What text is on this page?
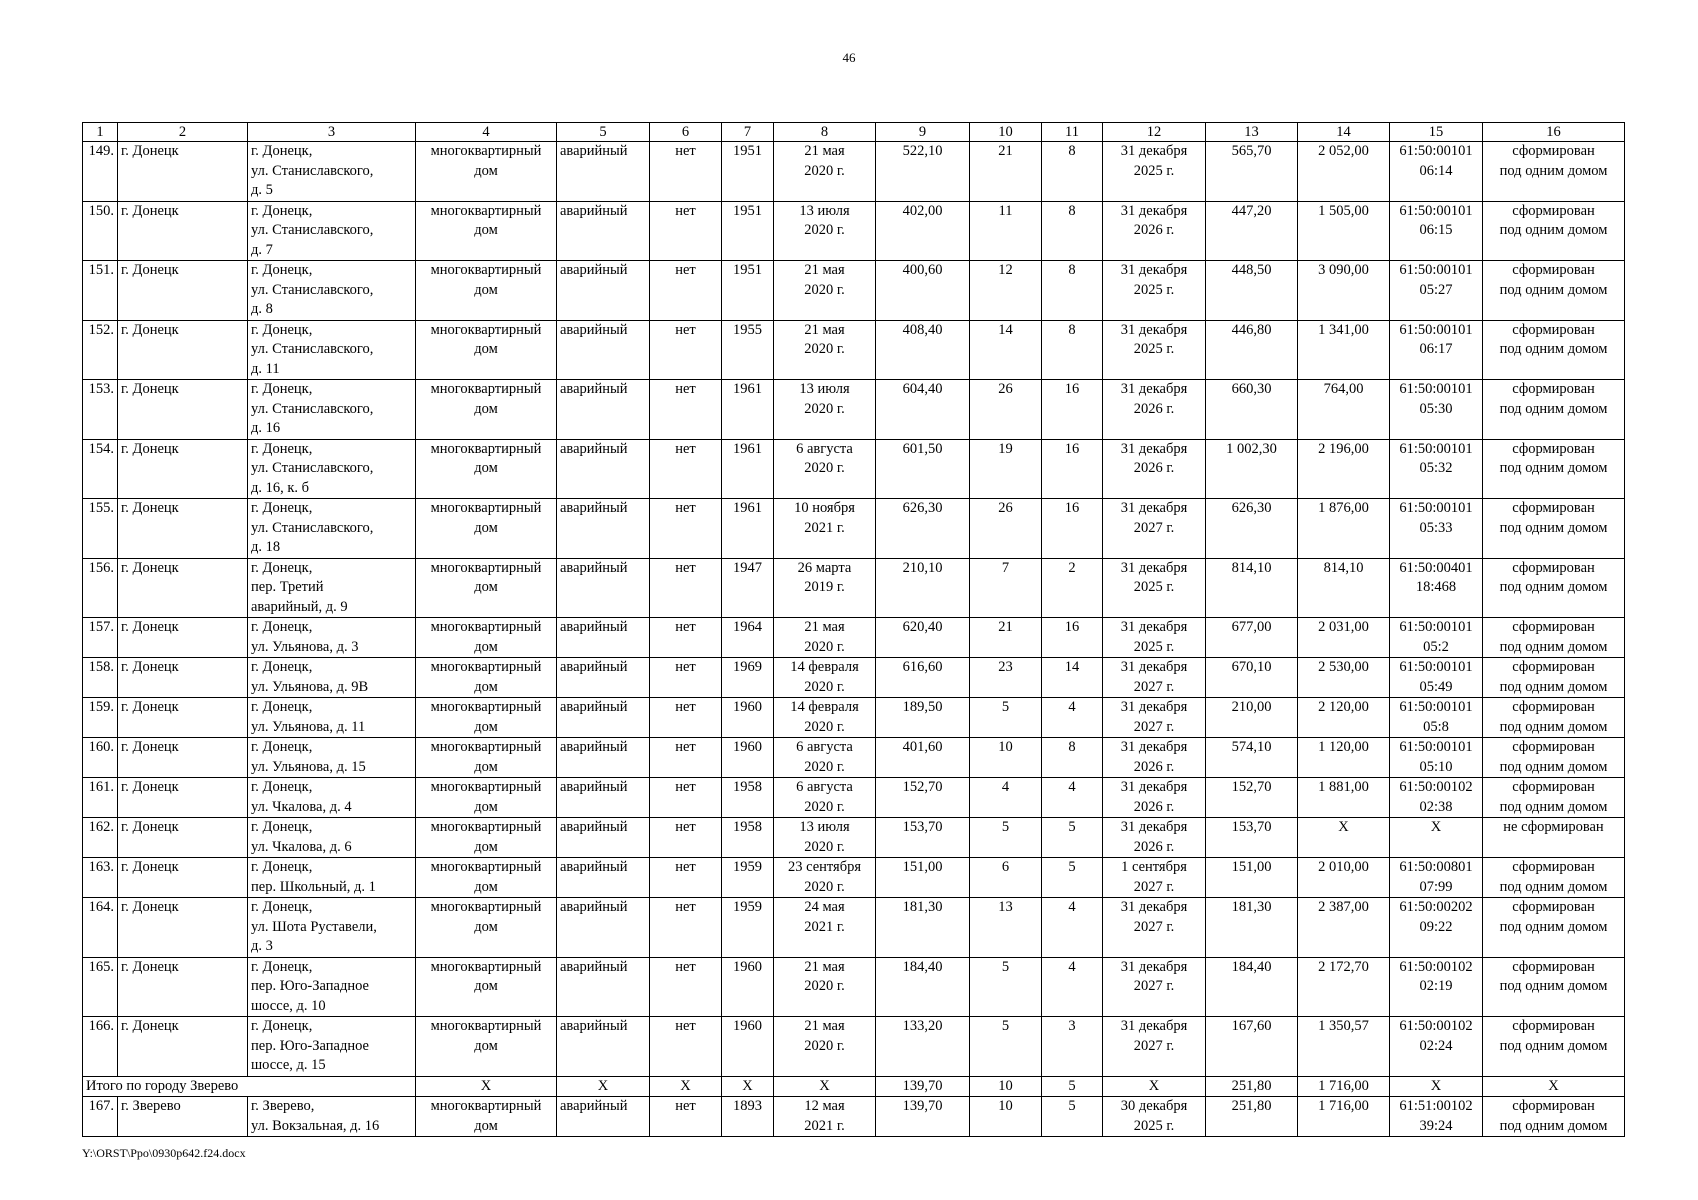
46
1	2	3	4	5	6	7	8	9	10	11	12	13	14	15	16
149.	г. Донецк	г. Донецк,
ул. Станиславского,
д. 5	многоквартирный
дом	аварийный	нет	1951	21 мая
2020 г.	522,10	21	8	31 декабря
2025 г.	565,70	2 052,00	61:50:00101
06:14	сформирован
под одним домом

150.	г. Донецк	г. Донецк,
ул. Станиславского,
д. 7	многоквартирный
дом	аварийный	нет	1951	13 июля
2020 г.	402,00	11	8	31 декабря
2026 г.	447,20	1 505,00	61:50:00101
06:15	сформирован
под одним домом

151.	г. Донецк	г. Донецк,
ул. Станиславского,
д. 8	многоквартирный
дом	аварийный	нет	1951	21 мая
2020 г.	400,60	12	8	31 декабря
2025 г.	448,50	3 090,00	61:50:00101
05:27	сформирован
под одним домом

152.	г. Донецк	г. Донецк,
ул. Станиславского,
д. 11	многоквартирный
дом	аварийный	нет	1955	21 мая
2020 г.	408,40	14	8	31 декабря
2025 г.	446,80	1 341,00	61:50:00101
06:17	сформирован
под одним домом

153.	г. Донецк	г. Донецк,
ул. Станиславского,
д. 16	многоквартирный
дом	аварийный	нет	1961	13 июля
2020 г.	604,40	26	16	31 декабря
2026 г.	660,30	764,00	61:50:00101
05:30	сформирован
под одним домом

154.	г. Донецк	г. Донецк,
ул. Станиславского,
д. 16, к. б	многоквартирный
дом	аварийный	нет	1961	6 августа
2020 г.	601,50	19	16	31 декабря
2026 г.	1 002,30	2 196,00	61:50:00101
05:32	сформирован
под одним домом

155.	г. Донецк	г. Донецк,
ул. Станиславского,
д. 18	многоквартирный
дом	аварийный	нет	1961	10 ноября
2021 г.	626,30	26	16	31 декабря
2027 г.	626,30	1 876,00	61:50:00101
05:33	сформирован
под одним домом

156.	г. Донецк	г. Донецк,
пер. Третий
аварийный, д. 9	многоквартирный
дом	аварийный	нет	1947	26 марта
2019 г.	210,10	7	2	31 декабря
2025 г.	814,10	814,10	61:50:00401
18:468	сформирован
под одним домом

157.	г. Донецк	г. Донецк,
ул. Ульянова, д. 3	многоквартирный
дом	аварийный	нет	1964	21 мая
2020 г.	620,40	21	16	31 декабря
2025 г.	677,00	2 031,00	61:50:00101
05:2	сформирован
под одним домом

158.	г. Донецк	г. Донецк,
ул. Ульянова, д. 9В	многоквартирный
дом	аварийный	нет	1969	14 февраля
2020 г.	616,60	23	14	31 декабря
2027 г.	670,10	2 530,00	61:50:00101
05:49	сформирован
под одним домом

159.	г. Донецк	г. Донецк,
ул. Ульянова, д. 11	многоквартирный
дом	аварийный	нет	1960	14 февраля
2020 г.	189,50	5	4	31 декабря
2027 г.	210,00	2 120,00	61:50:00101
05:8	сформирован
под одним домом

160.	г. Донецк	г. Донецк,
ул. Ульянова, д. 15	многоквартирный
дом	аварийный	нет	1960	6 августа
2020 г.	401,60	10	8	31 декабря
2026 г.	574,10	1 120,00	61:50:00101
05:10	сформирован
под одним домом

161.	г. Донецк	г. Донецк,
ул. Чкалова, д. 4	многоквартирный
дом	аварийный	нет	1958	6 августа
2020 г.	152,70	4	4	31 декабря
2026 г.	152,70	1 881,00	61:50:00102
02:38	сформирован
под одним домом

162.	г. Донецк	г. Донецк,
ул. Чкалова, д. 6	многоквартирный
дом	аварийный	нет	1958	13 июля
2020 г.	153,70	5	5	31 декабря
2026 г.	153,70	Х	Х	не сформирован

163.	г. Донецк	г. Донецк,
пер. Школьный, д. 1	многоквартирный
дом	аварийный	нет	1959	23 сентября
2020 г.	151,00	6	5	1 сентября
2027 г.	151,00	2 010,00	61:50:00801
07:99	сформирован
под одним домом

164.	г. Донецк	г. Донецк,
ул. Шота Руставели,
д. 3	многоквартирный
дом	аварийный	нет	1959	24 мая
2021 г.	181,30	13	4	31 декабря
2027 г.	181,30	2 387,00	61:50:00202
09:22	сформирован
под одним домом

165.	г. Донецк	г. Донецк,
пер. Юго-Западное
шоссе, д. 10	многоквартирный
дом	аварийный	нет	1960	21 мая
2020 г.	184,40	5	4	31 декабря
2027 г.	184,40	2 172,70	61:50:00102
02:19	сформирован
под одним домом

166.	г. Донецк	г. Донецк,
пер. Юго-Западное
шоссе, д. 15	многоквартирный
дом	аварийный	нет	1960	21 мая
2020 г.	133,20	5	3	31 декабря
2027 г.	167,60	1 350,57	61:50:00102
02:24	сформирован
под одним домом

Итого по городу Зверево			Х	Х	Х	Х	Х	139,70	10	5	Х	251,80	1 716,00	Х	Х
167.	г. Зверево	г. Зверево,
ул. Вокзальная, д. 16	многоквартирный
дом	аварийный	нет	1893	12 мая
2021 г.	139,70	10	5	30 декабря
2025 г.	251,80	1 716,00	61:51:00102
39:24	сформирован
под одним домом
Y:\ORST\Ppo\0930p642.f24.docx
